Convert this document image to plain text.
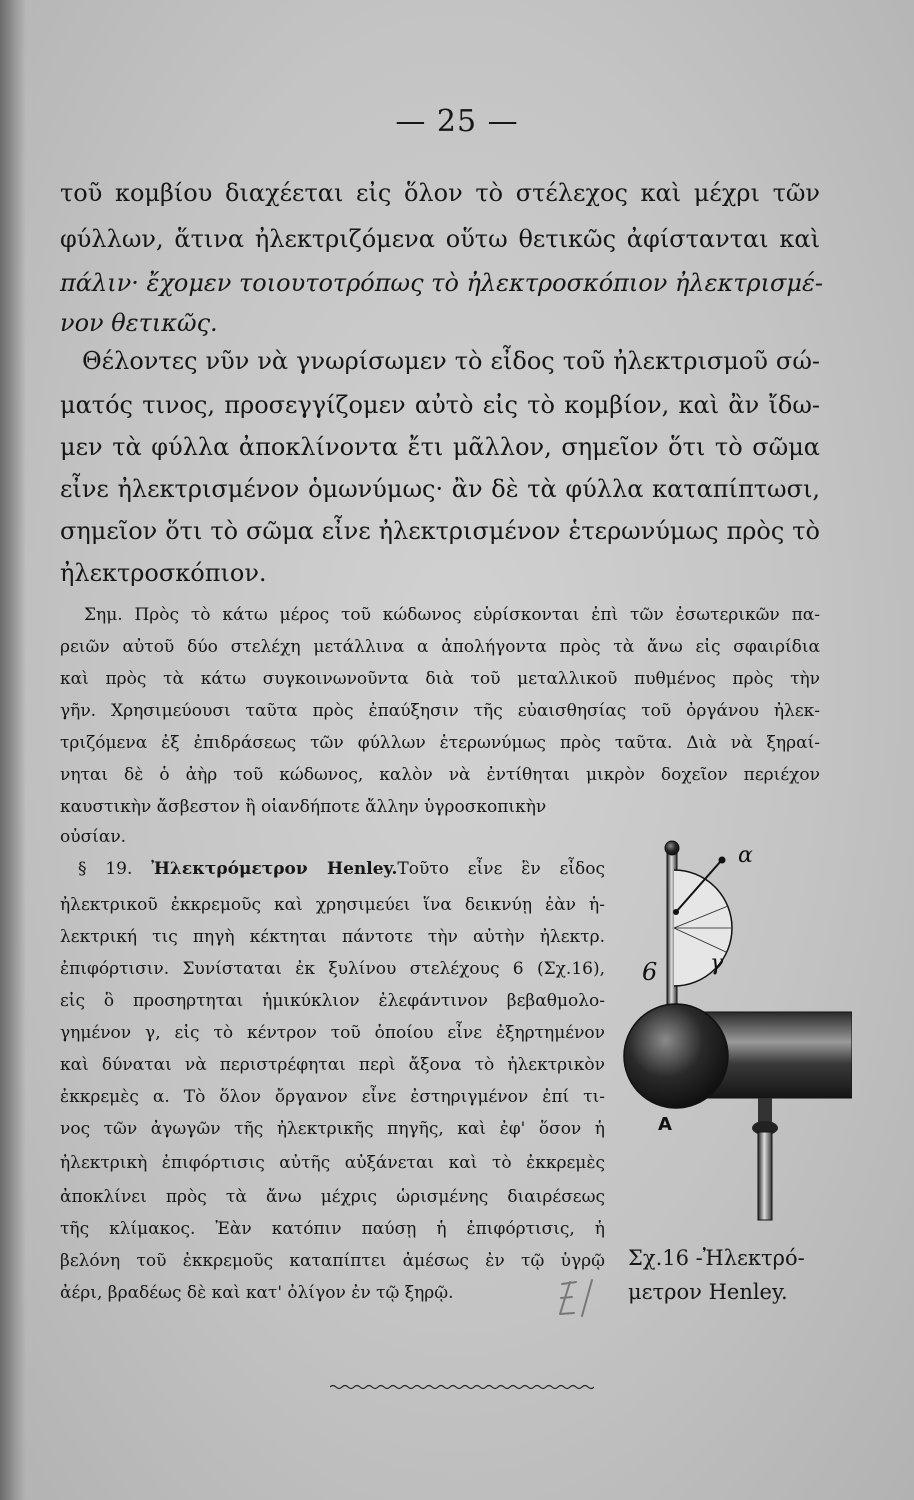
— 25 —
τοῦ κομβίου διαχέεται εἰς ὅλον τὸ στέλεχος καὶ μέχρι τῶν
φύλλων, ἅτινα ἠλεκτριζόμενα οὕτω θετικῶς ἀφίστανται καὶ
πάλιν· ἔχομεν τοιουτοτρόπως τὸ ἠλεκτροσκόπιον ἠλεκτρισμέ-
νον θετικῶς.
Θέλοντες νῦν νὰ γνωρίσωμεν τὸ εἶδος τοῦ ἠλεκτρισμοῦ σώ-
ματός τινος, προσεγγίζομεν αὐτὸ εἰς τὸ κομβίον, καὶ ἂν ἴδω-
μεν τὰ φύλλα ἀποκλίνοντα ἔτι μᾶλλον, σημεῖον ὅτι τὸ σῶμα
εἶνε ἠλεκτρισμένον ὁμωνύμως· ἂν δὲ τὰ φύλλα καταπίπτωσι,
σημεῖον ὅτι τὸ σῶμα εἶνε ἠλεκτρισμένον ἑτερωνύμως πρὸς τὸ
ἠλεκτροσκόπιον.
Σημ. Πρὸς τὸ κάτω μέρος τοῦ κώδωνος εὑρίσκονται ἐπὶ τῶν ἐσωτερικῶν πα-
ρειῶν αὐτοῦ δύο στελέχη μετάλλινα α ἀπολήγοντα πρὸς τὰ ἄνω εἰς σφαιρίδια
καὶ πρὸς τὰ κάτω συγκοινωνοῦντα διὰ τοῦ μεταλλικοῦ πυθμένος πρὸς τὴν
γῆν. Χρησιμεύουσι ταῦτα πρὸς ἐπαύξησιν τῆς εὐαισθησίας τοῦ ὀργάνου ἠλεκ-
τριζόμενα ἐξ ἐπιδράσεως τῶν φύλλων ἑτερωνύμως πρὸς ταῦτα. Διὰ νὰ ξηραί-
νηται δὲ ὁ ἀὴρ τοῦ κώδωνος, καλὸν νὰ ἐντίθηται μικρὸν δοχεῖον περιέχον
καυστικὴν ἄσβεστον ἢ οἱανδήποτε ἄλλην ὑγροσκοπικὴν
οὐσίαν.
§ 19. Ἠλεκτρόμετρον Henley.Τοῦτο εἶνε ἓν εἶδος
ἠλεκτρικοῦ ἐκκρεμοῦς καὶ χρησιμεύει ἵνα δεικνύῃ ἐὰν ἡ-
λεκτρική τις πηγὴ κέκτηται πάντοτε τὴν αὐτὴν ἠλεκτρ.
ἐπιφόρτισιν. Συνίσταται ἐκ ξυλίνου στελέχους 6 (Σχ.16),
εἰς ὃ προσηρτηται ἡμικύκλιον ἐλεφάντινον βεβαθμολο-
γημένον γ, εἰς τὸ κέντρον τοῦ ὁποίου εἶνε ἐξηρτημένον
καὶ δύναται νὰ περιστρέφηται περὶ ἄξονα τὸ ἠλεκτρικὸν
ἐκκρεμὲς α. Τὸ ὅλον ὄργανον εἶνε ἐστηριγμένον ἐπί τι-
νος τῶν ἀγωγῶν τῆς ἠλεκτρικῆς πηγῆς, καὶ ἐφ' ὅσον ἡ
ἠλεκτρικὴ ἐπιφόρτισις αὐτῆς αὐξάνεται καὶ τὸ ἐκκρεμὲς
ἀποκλίνει πρὸς τὰ ἄνω μέχρις ὡρισμένης διαιρέσεως
τῆς κλίμακος. Ἐὰν κατόπιν παύσῃ ἡ ἐπιφόρτισις, ἡ
βελόνη τοῦ ἐκκρεμοῦς καταπίπτει ἀμέσως ἐν τῷ ὑγρῷ
ἀέρι, βραδέως δὲ καὶ κατ' ὀλίγον ἐν τῷ ξηρῷ.
α
6 γ
A
Σχ.16 -Ἠλεκτρό-
μετρον Henley.
